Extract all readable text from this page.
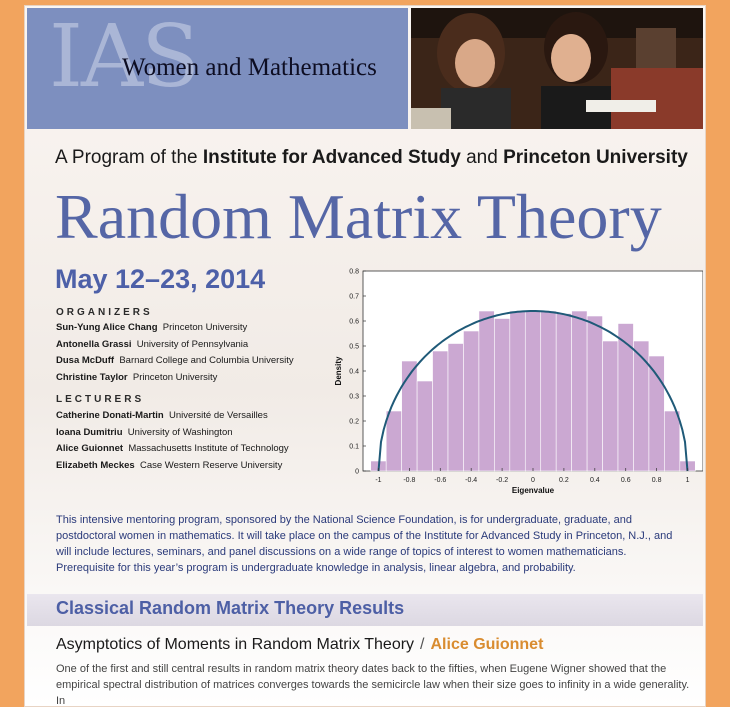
IAS
Women and Mathematics
A Program of the Institute for Advanced Study and Princeton University
Random Matrix Theory
May 12–23, 2014
ORGANIZERS
Sun-Yung Alice Chang Princeton University
Antonella Grassi University of Pennsylvania
Dusa McDuff Barnard College and Columbia University
Christine Taylor Princeton University
LECTURERS
Catherine Donati-Martin Université de Versailles
Ioana Dumitriu University of Washington
Alice Guionnet Massachusetts Institute of Technology
Elizabeth Meckes Case Western Reserve University
-1	-0.8	-0.6	-0.4	-0.2	0	0.2	0.4	0.6	0.8	1
0
0.1
0.2
0.3
0.4
0.5
0.6
0.7
0.8
Eigenvalue
Density
This intensive mentoring program, sponsored by the National Science Foundation, is for undergraduate, graduate, and postdoctoral women in mathematics. It will take place on the campus of the Institute for Advanced Study in Princeton, N.J., and will include lectures, seminars, and panel discussions on a wide range of topics of interest to women mathematicians. Prerequisite for this year’s program is undergraduate knowledge in analysis, linear algebra, and probability.
Classical Random Matrix Theory Results
Asymptotics of Moments in Random Matrix Theory / Alice Guionnet
One of the first and still central results in random matrix theory dates back to the fifties, when Eugene Wigner showed that the empirical spectral distribution of matrices converges towards the semicircle law when their size goes to infinity in a wide generality. In
